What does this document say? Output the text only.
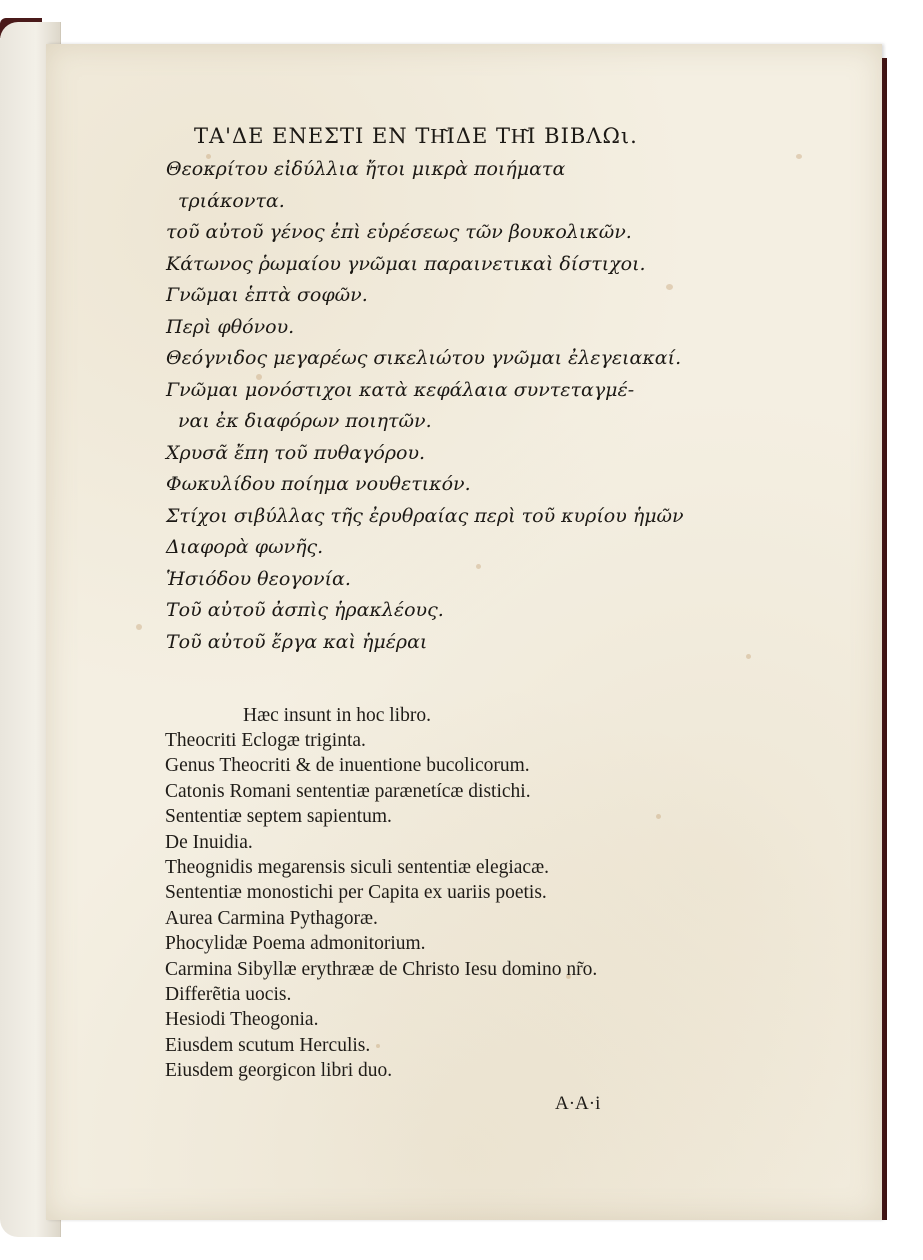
ΤΑ'ΔΕ ΕΝΕΣΤΙ ΕΝ ΤΗ͂ΙΔΕ ΤΗ͂Ι ΒΙΒΛΩι.
Θεοκρίτου εἰδύλλια ἤτοι μικρὰ ποιήματα
τριάκοντα.
τοῦ αὐτοῦ γένος ἐπὶ εὑρέσεως τῶν βουκολικῶν.
Κάτωνος ῥωμαίου γνῶμαι παραινετικαὶ δίστιχοι.
Γνῶμαι ἑπτὰ σοφῶν.
Περὶ φθόνου.
Θεόγνιδος μεγαρέως σικελιώτου γνῶμαι ἐλεγειακαί.
Γνῶμαι μονόστιχοι κατὰ κεφάλαια συντεταγμέ-
ναι ἐκ διαφόρων ποιητῶν.
Χρυσᾶ ἔπη τοῦ πυθαγόρου.
Φωκυλίδου ποίημα νουθετικόν.
Στίχοι σιβύλλας τῆς ἐρυθραίας περὶ τοῦ κυρίου ἡμῶν
Διαφορὰ φωνῆς.
Ἡσιόδου θεογονία.
Τοῦ αὐτοῦ ἀσπὶς ἡρακλέους.
Τοῦ αὐτοῦ ἔργα καὶ ἡμέραι
Hæc insunt in hoc libro.
Theocriti Eclogæ triginta.
Genus Theocriti & de inuentione bucolicorum.
Catonis Romani sententiæ parænetícæ distichi.
Sententiæ septem sapientum.
De Inuidia.
Theognidis megarensis siculi sententiæ elegiacæ.
Sententiæ monostichi per Capita ex uariis poetis.
Aurea Carmina Pythagoræ.
Phocylidæ Poema admonitorium.
Carmina Sibyllæ erythrææ de Christo Iesu domino nr̃o.
Differẽtia uocis.
Hesiodi Theogonia.
Eiusdem scutum Herculis.
Eiusdem georgicon libri duo.
A·A·i
